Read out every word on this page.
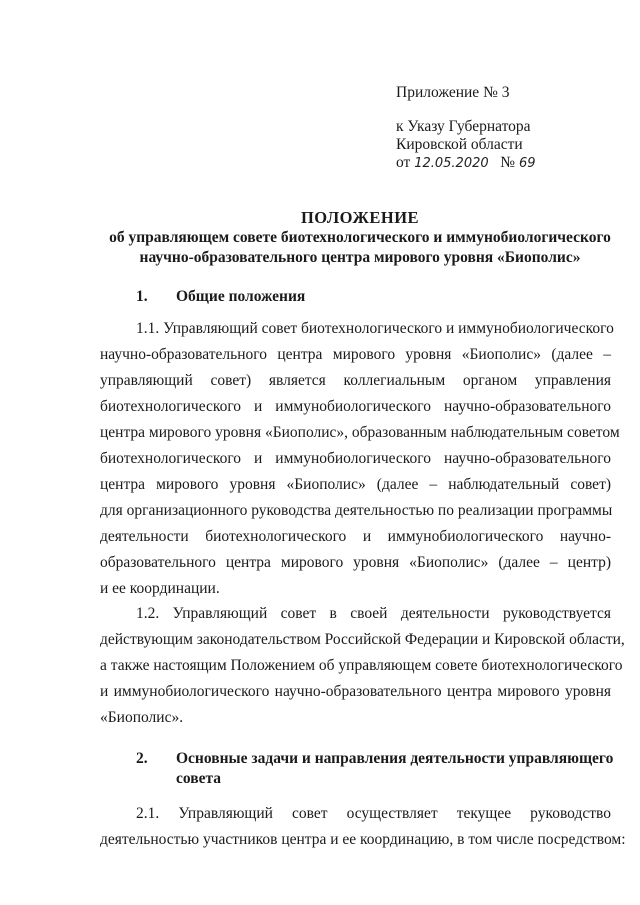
Приложение № 3
к Указу Губернатора
Кировской области
от 12.05.2020 № 69
ПОЛОЖЕНИЕ
об управляющем совете биотехнологического и иммунобиологического
научно-образовательного центра мирового уровня «Биополис»
1. Общие положения
1.1. Управляющий совет биотехнологического и иммунобиологического
научно-образовательного центра мирового уровня «Биополис» (далее –
управляющий совет) является коллегиальным органом управления
биотехнологического и иммунобиологического научно-образовательного
центра мирового уровня «Биополис», образованным наблюдательным советом
биотехнологического и иммунобиологического научно-образовательного
центра мирового уровня «Биополис» (далее – наблюдательный совет)
для организационного руководства деятельностью по реализации программы
деятельности биотехнологического и иммунобиологического научно-
образовательного центра мирового уровня «Биополис» (далее – центр)
и ее координации.
1.2. Управляющий совет в своей деятельности руководствуется
действующим законодательством Российской Федерации и Кировской области,
а также настоящим Положением об управляющем совете биотехнологического
и иммунобиологического научно-образовательного центра мирового уровня
«Биополис».
2. Основные задачи и направления деятельности управляющего
совета
2.1. Управляющий совет осуществляет текущее руководство
деятельностью участников центра и ее координацию, в том числе посредством:
